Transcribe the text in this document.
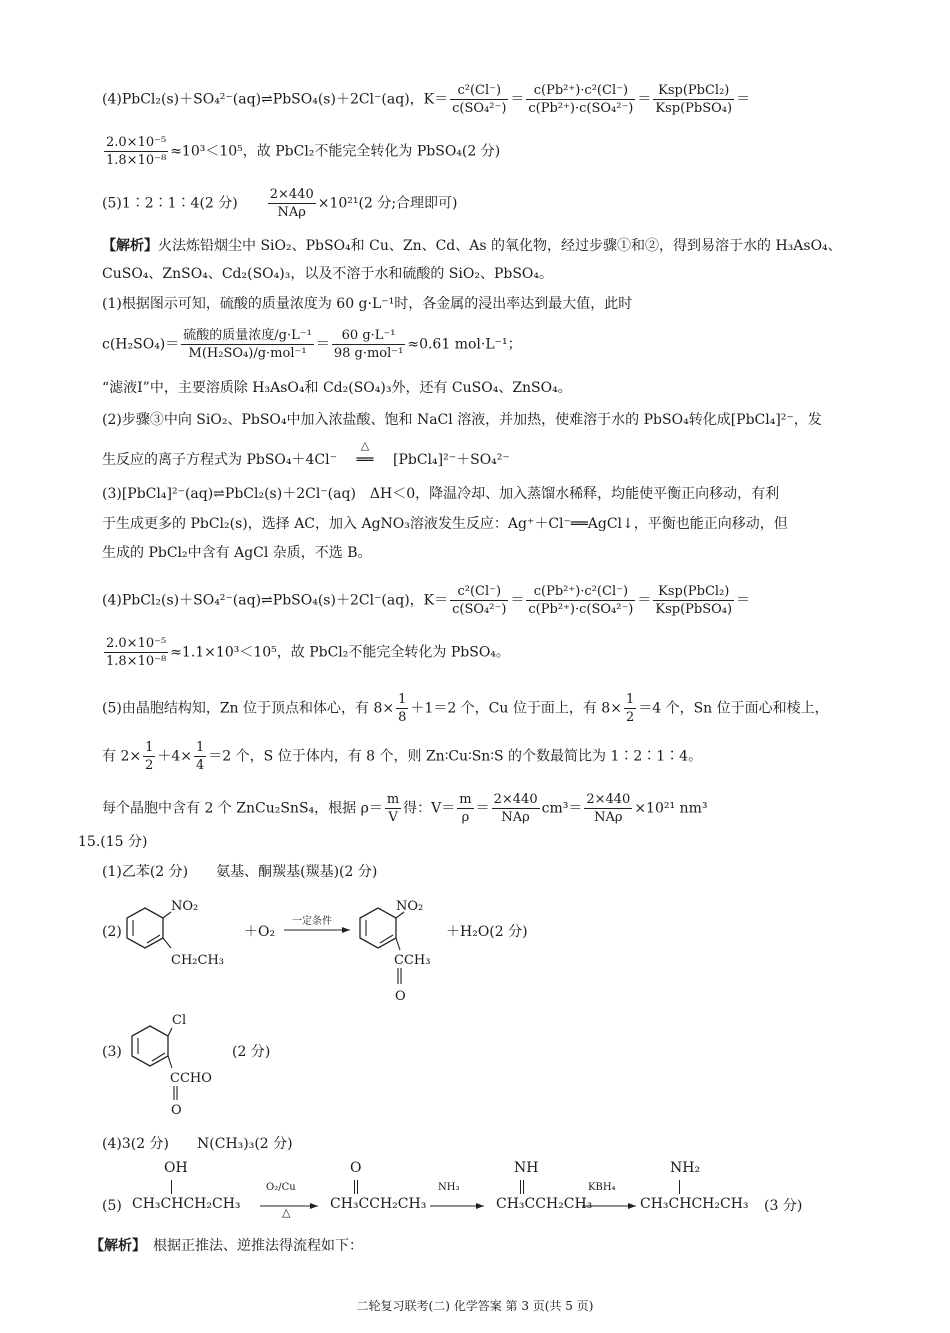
(4)PbCl₂(s)＋SO₄²⁻(aq)⇌PbSO₄(s)＋2Cl⁻(aq)，$K= \frac{\text{c²(Cl⁻)}}{\text{c(SO₄²⁻)}} = \frac{\text{c(Pb²⁺)·c²(Cl⁻)}}{\text{c(Pb²⁺)·c(SO₄²⁻)}} = \frac{\text{Ksp(PbCl₂)}}{\text{Ksp(PbSO₄)}}$ ＝
$\frac{\text{2.0×10⁻⁵}}{\text{1.8×10⁻⁸}} \approx 10^3<10^5$，故 PbCl₂不能完全转化为 PbSO₄(2 分)
(5)1∶2∶1∶4(2 分)　　 $\frac{2\times 440}{\text{NAρ}} \times 10^{21}(2$ 分;合理即可)
【解析】火法炼铅烟尘中 SiO₂、PbSO₄和 Cu、Zn、Cd、As 的氧化物，经过步骤①和②，得到易溶于水的 H₃AsO₄、
CuSO₄、ZnSO₄、Cd₂(SO₄)₃，以及不溶于水和硫酸的 SiO₂、PbSO₄。
(1)根据图示可知，硫酸的质量浓度为 60 g·L⁻¹时，各金属的浸出率达到最大值，此时
$c(H_2SO_4)= \frac{\text{硫酸的质量浓度/g·L⁻¹}}{\text{M(H₂SO₄)/g·mol⁻¹}} = \frac{\text{60 g·L⁻¹}}{\text{98 g·mol⁻¹}} \approx 0.61$ mol·L⁻¹；
“滤液Ⅰ”中，主要溶质除 H₃AsO₄和 Cd₂(SO₄)₃外，还有 CuSO₄、ZnSO₄。
(2)步骤③中向 SiO₂、PbSO₄中加入浓盐酸、饱和 NaCl 溶液，并加热，使难溶于水的 PbSO₄转化成[PbCl₄]²⁻，发
生反应的离子方程式为 PbSO₄＋4Cl⁻
△
══ [PbCl₄]²⁻＋SO₄²⁻
(3)[PbCl₄]²⁻(aq)⇌PbCl₂(s)＋2Cl⁻(aq)　ΔH＜0，降温冷却、加入蒸馏水稀释，均能使平衡正向移动，有利
于生成更多的 PbCl₂(s)，选择 AC，加入 AgNO₃溶液发生反应：Ag⁺＋Cl⁻══AgCl↓，平衡也能正向移动，但
生成的 PbCl₂中含有 AgCl 杂质，不选 B。
(4)PbCl₂(s)＋SO₄²⁻(aq)⇌PbSO₄(s)＋2Cl⁻(aq)，$K= \frac{\text{c²(Cl⁻)}}{\text{c(SO₄²⁻)}} = \frac{\text{c(Pb²⁺)·c²(Cl⁻)}}{\text{c(Pb²⁺)·c(SO₄²⁻)}} = \frac{\text{Ksp(PbCl₂)}}{\text{Ksp(PbSO₄)}}$ ＝
$\frac{\text{2.0×10⁻⁵}}{\text{1.8×10⁻⁸}} \approx 1.1\times 10^3<10^5$，故 PbCl₂不能完全转化为 PbSO₄。
(5)由晶胞结构知，Zn 位于顶点和体心，有 $8\times \frac{1}{8} +1=2$ 个，Cu 位于面上，有 $8\times \frac{1}{2} =4$ 个，Sn 位于面心和棱上，
有 $2\times \frac{1}{2} +4\times \frac{1}{4} =2$ 个，S 位于体内，有 8 个，则 Zn∶Cu∶Sn∶S 的个数最简比为 1∶2∶1∶4。
每个晶胞中含有 2 个 ZnCu₂SnS₄，根据 $\rho= \frac{m}{V}$ 得：$V= \frac{m}{\rho} = \frac{2\times 440}{\text{NAρ}} cm^3= \frac{2\times 440}{\text{NAρ}} \times 10^{21}$ nm³
15.(15 分)
(1)乙苯(2 分)　　氨基、酮羰基(羰基)(2 分)
(2)
NO₂
CH₂CH₃
＋O₂
一定条件
NO₂
CCH₃
O
＋H₂O(2 分)
(3)
Cl
CCHO
O
(2 分)
(4)3(2 分)　　N(CH₃)₃(2 分)
(5)
OH
CH₃CHCH₂CH₃
O₂/Cu
△
O
CH₃CCH₂CH₃
NH₃
NH
CH₃CCH₂CH₃
KBH₄
NH₂
CH₃CHCH₂CH₃ (3 分)
【解析】　 根据正推法、逆推法得流程如下：
二轮复习联考(二) 化学答案 第 3 页(共 5 页)
